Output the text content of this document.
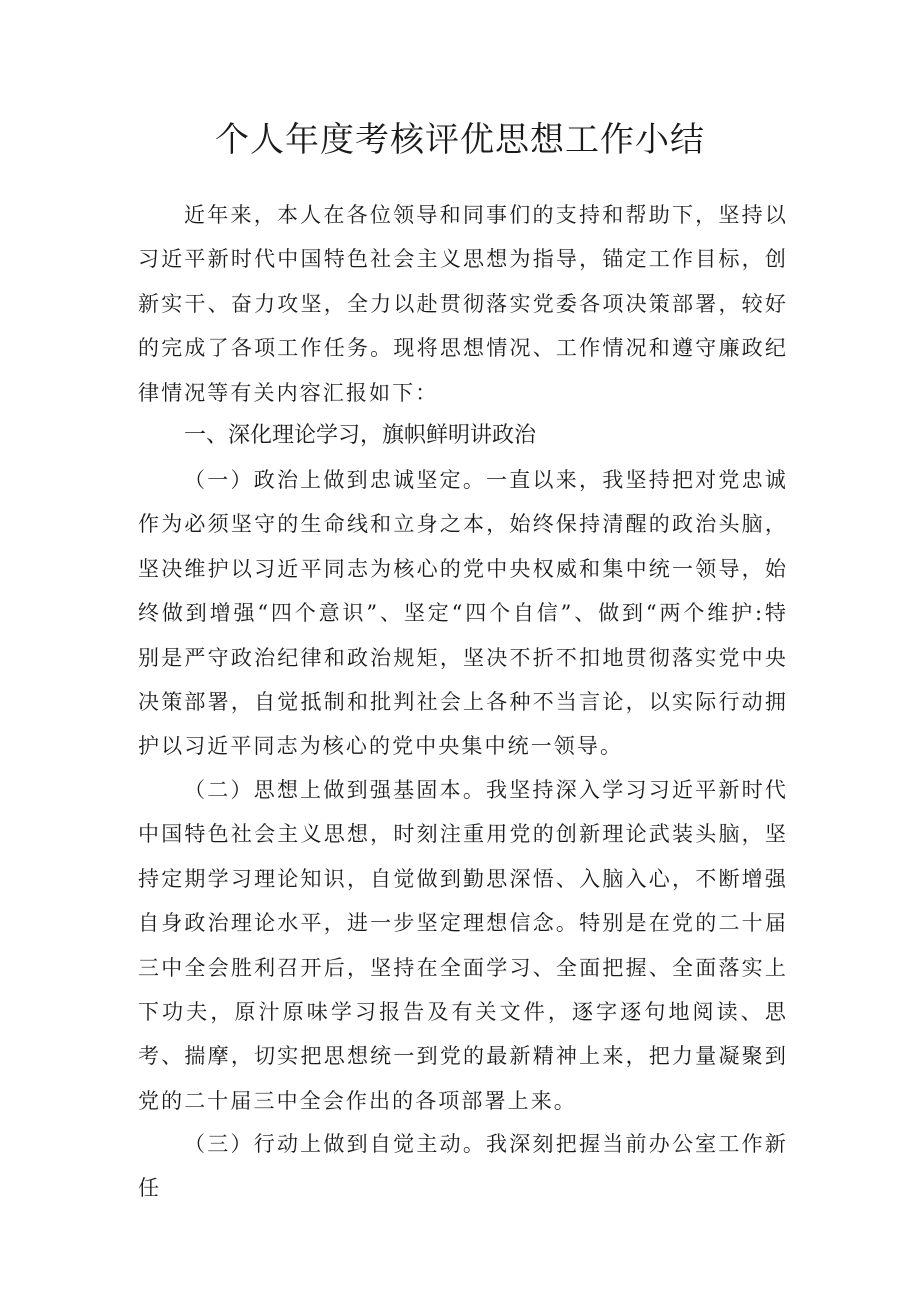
个人年度考核评优思想工作小结

近年来，本人在各位领导和同事们的支持和帮助下，坚持以习近平新时代中国特色社会主义思想为指导，锚定工作目标，创新实干、奋力攻坚，全力以赴贯彻落实党委各项决策部署，较好的完成了各项工作任务。现将思想情况、工作情况和遵守廉政纪律情况等有关内容汇报如下：

一、深化理论学习，旗帜鲜明讲政治

（一）政治上做到忠诚坚定。一直以来，我坚持把对党忠诚作为必须坚守的生命线和立身之本，始终保持清醒的政治头脑，坚决维护以习近平同志为核心的党中央权威和集中统一领导，始终做到增强“四个意识”、坚定“四个自信”、做到“两个维护:特别是严守政治纪律和政治规矩，坚决不折不扣地贯彻落实党中央决策部署，自觉抵制和批判社会上各种不当言论，以实际行动拥护以习近平同志为核心的党中央集中统一领导。

（二）思想上做到强基固本。我坚持深入学习习近平新时代中国特色社会主义思想，时刻注重用党的创新理论武装头脑，坚持定期学习理论知识，自觉做到勤思深悟、入脑入心，不断增强自身政治理论水平，进一步坚定理想信念。特别是在党的二十届三中全会胜利召开后，坚持在全面学习、全面把握、全面落实上下功夫，原汁原味学习报告及有关文件，逐字逐句地阅读、思考、揣摩，切实把思想统一到党的最新精神上来，把力量凝聚到党的二十届三中全会作出的各项部署上来。

（三）行动上做到自觉主动。我深刻把握当前办公室工作新任
